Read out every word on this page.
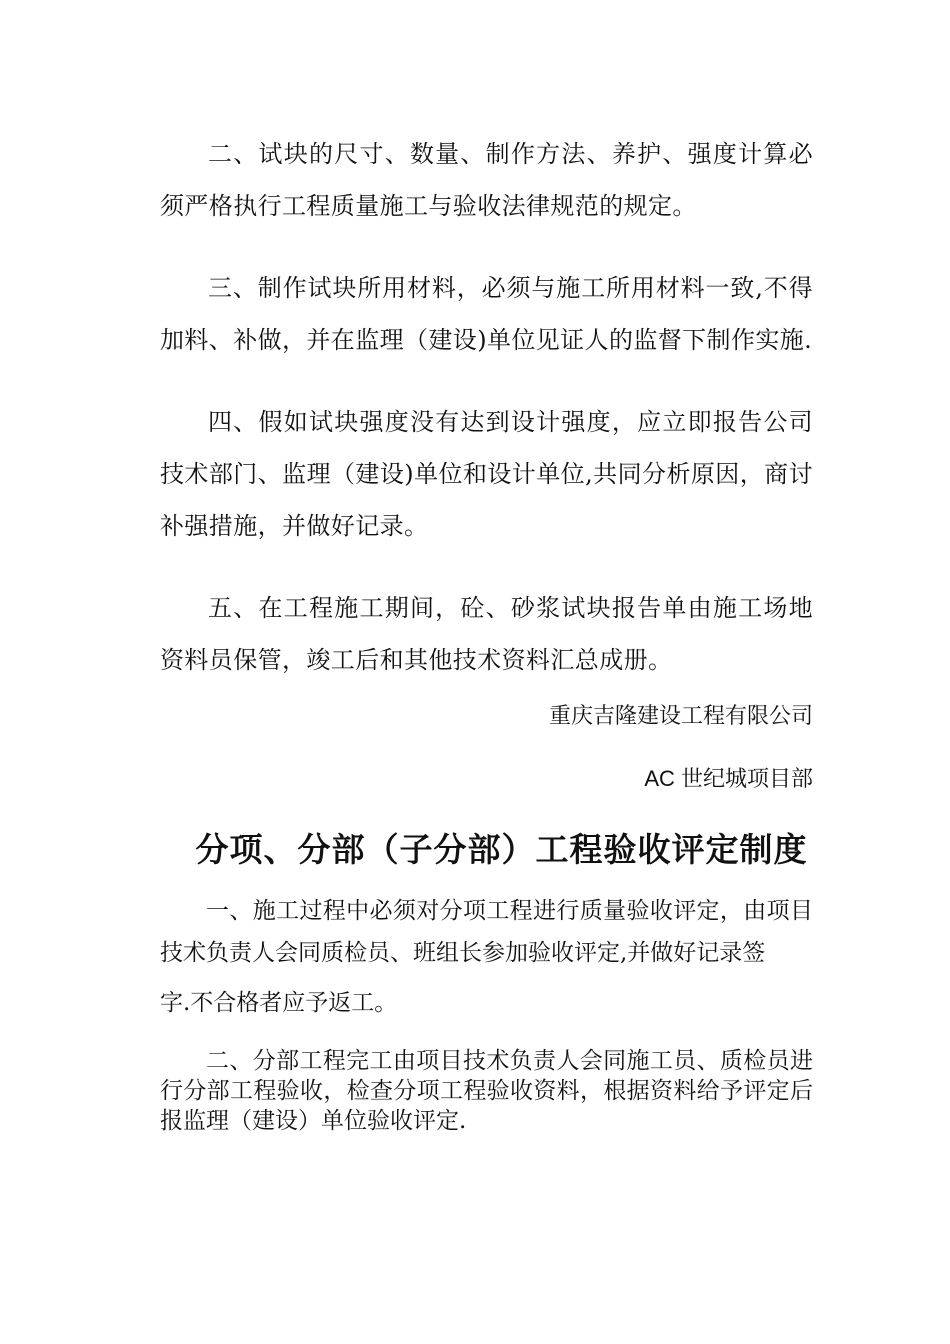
二、试块的尺寸、数量、制作方法、养护、强度计算必须严格执行工程质量施工与验收法律规范的规定。

三、制作试块所用材料，必须与施工所用材料一致,不得加料、补做，并在监理（建设)单位见证人的监督下制作实施.

四、假如试块强度没有达到设计强度，应立即报告公司技术部门、监理（建设)单位和设计单位,共同分析原因，商讨补强措施，并做好记录。

五、在工程施工期间，砼、砂浆试块报告单由施工场地资料员保管，竣工后和其他技术资料汇总成册。

重庆吉隆建设工程有限公司

AC 世纪城项目部

分项、分部（子分部）工程验收评定制度

一、施工过程中必须对分项工程进行质量验收评定，由项目技术负责人会同质检员、班组长参加验收评定,并做好记录签
字.不合格者应予返工。

二、分部工程完工由项目技术负责人会同施工员、质检员进行分部工程验收，检查分项工程验收资料，根据资料给予评定后报监理（建设）单位验收评定.
